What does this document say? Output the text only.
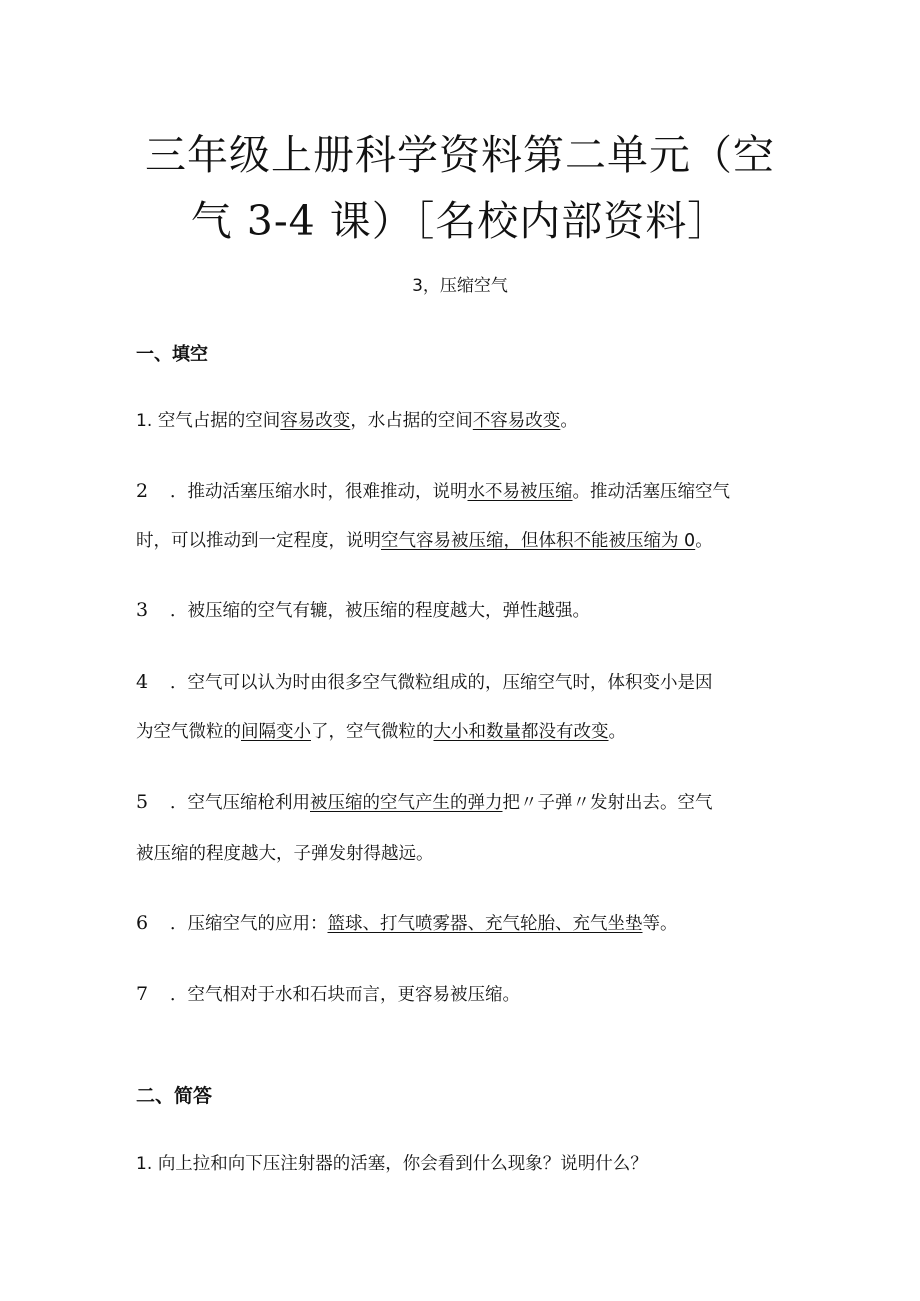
三年级上册科学资料第二单元（空
气 3-4 课）［名校内部资料］
3，压缩空气
一、填空
1. 空气占据的空间容易改变，水占据的空间不容易改变。
2 ．推动活塞压缩水时，很难推动，说明水不易被压缩。推动活塞压缩空气
时，可以推动到一定程度，说明空气容易被压缩，但体积不能被压缩为 0。
3 ．被压缩的空气有辘，被压缩的程度越大，弹性越强。
4 ．空气可以认为时由很多空气微粒组成的，压缩空气时，体积变小是因
为空气微粒的间隔变小了，空气微粒的大小和数量都没有改变。
5 ．空气压缩枪利用被压缩的空气产生的弹力把〃子弹〃发射出去。空气
被压缩的程度越大，子弹发射得越远。
6 ．压缩空气的应用：篮球、打气喷雾器、充气轮胎、充气坐垫等。
7 ．空气相对于水和石块而言，更容易被压缩。
二、简答
1. 向上拉和向下压注射器的活塞，你会看到什么现象？说明什么？
